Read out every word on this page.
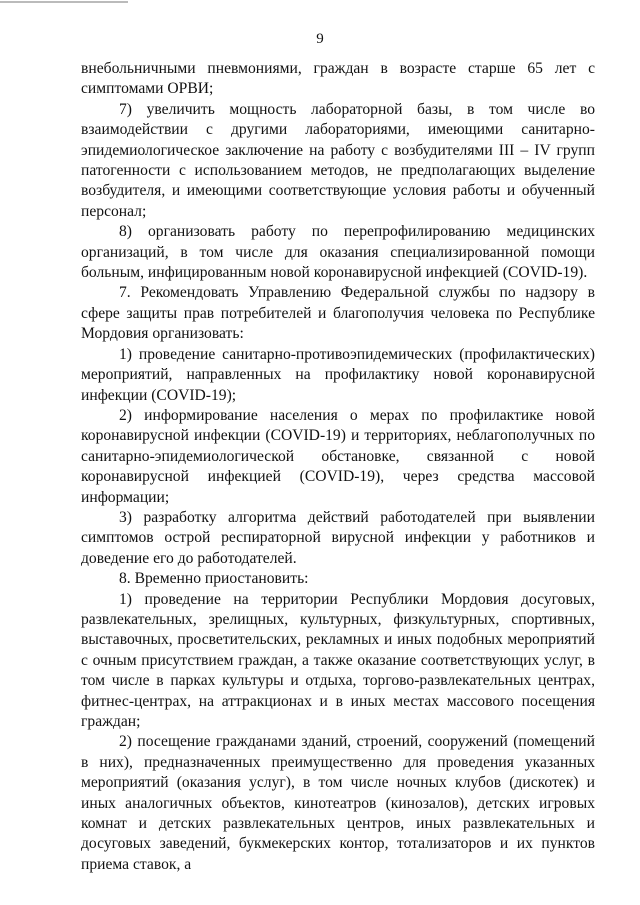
9

внебольничными пневмониями, граждан в возрасте старше 65 лет с симптомами ОРВИ;

7) увеличить мощность лабораторной базы, в том числе во взаимодействии с другими лабораториями, имеющими санитарно-эпидемиологическое заключение на работу с возбудителями III – IV групп патогенности с использованием методов, не предполагающих выделение возбудителя, и имеющими соответствующие условия работы и обученный персонал;

8) организовать работу по перепрофилированию медицинских организаций, в том числе для оказания специализированной помощи больным, инфицированным новой коронавирусной инфекцией (COVID-19).

7. Рекомендовать Управлению Федеральной службы по надзору в сфере защиты прав потребителей и благополучия человека по Республике Мордовия организовать:

1) проведение санитарно-противоэпидемических (профилактических) мероприятий, направленных на профилактику новой коронавирусной инфекции (COVID-19);

2) информирование населения о мерах по профилактике новой коронавирусной инфекции (COVID-19) и территориях, неблагополучных по санитарно-эпидемиологической обстановке, связанной с новой коронавирусной инфекцией (COVID-19), через средства массовой информации;

3) разработку алгоритма действий работодателей при выявлении симптомов острой респираторной вирусной инфекции у работников и доведение его до работодателей.

8. Временно приостановить:

1) проведение на территории Республики Мордовия досуговых, развлекательных, зрелищных, культурных, физкультурных, спортивных, выставочных, просветительских, рекламных и иных подобных мероприятий с очным присутствием граждан, а также оказание соответствующих услуг, в том числе в парках культуры и отдыха, торгово-развлекательных центрах, фитнес-центрах, на аттракционах и в иных местах массового посещения граждан;

2) посещение гражданами зданий, строений, сооружений (помещений в них), предназначенных преимущественно для проведения указанных мероприятий (оказания услуг), в том числе ночных клубов (дискотек) и иных аналогичных объектов, кинотеатров (кинозалов), детских игровых комнат и детских развлекательных центров, иных развлекательных и досуговых заведений, букмекерских контор, тотализаторов и их пунктов приема ставок, а
